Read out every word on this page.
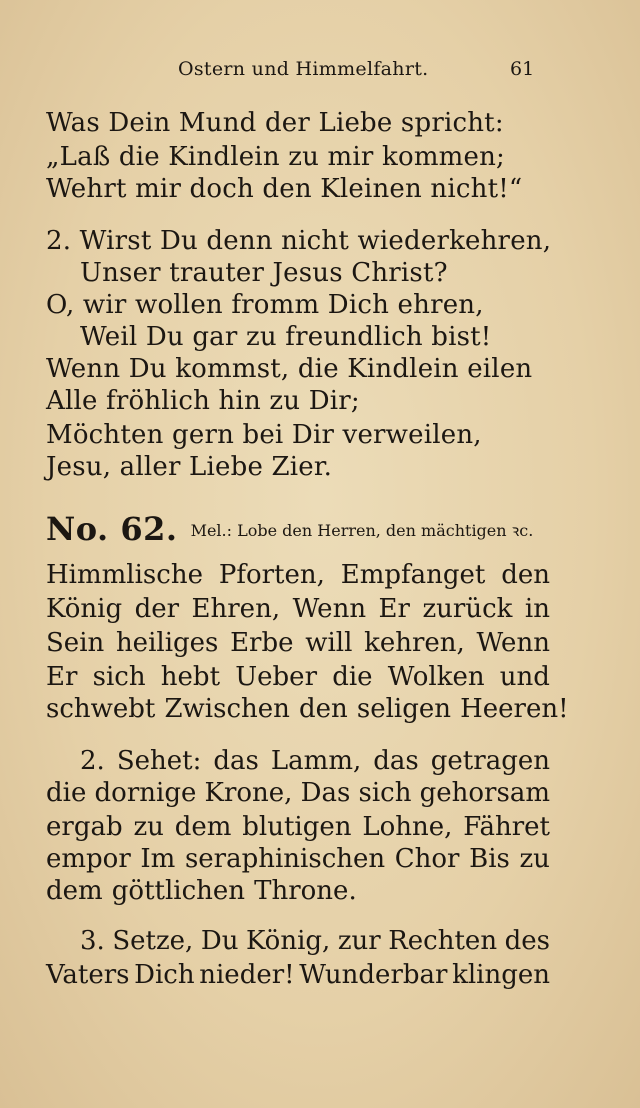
Ostern und Himmelfahrt.	61
Was Dein Mund der Liebe spricht:
„Laß die Kindlein zu mir kommen;
Wehrt mir doch den Kleinen nicht!“
2. Wirst Du denn nicht wiederkehren,
Unser trauter Jesus Christ?
O, wir wollen fromm Dich ehren,
Weil Du gar zu freundlich bist!
Wenn Du kommst, die Kindlein eilen
Alle fröhlich hin zu Dir;
Möchten gern bei Dir verweilen,
Jesu, aller Liebe Zier.
No. 62. Mel.: Lobe den Herren, den mächtigen ꝛc.
Himmlische Pforten, Empfanget den
König der Ehren, Wenn Er zurück in
Sein heiliges Erbe will kehren, Wenn
Er sich hebt Ueber die Wolken und
schwebt Zwischen den seligen Heeren!
2. Sehet: das Lamm, das getragen
die dornige Krone, Das sich gehorsam
ergab zu dem blutigen Lohne, Fähret
empor Im seraphinischen Chor Bis zu
dem göttlichen Throne.
3. Setze, Du König, zur Rechten des
Vaters Dich nieder! Wunderbar klingen
